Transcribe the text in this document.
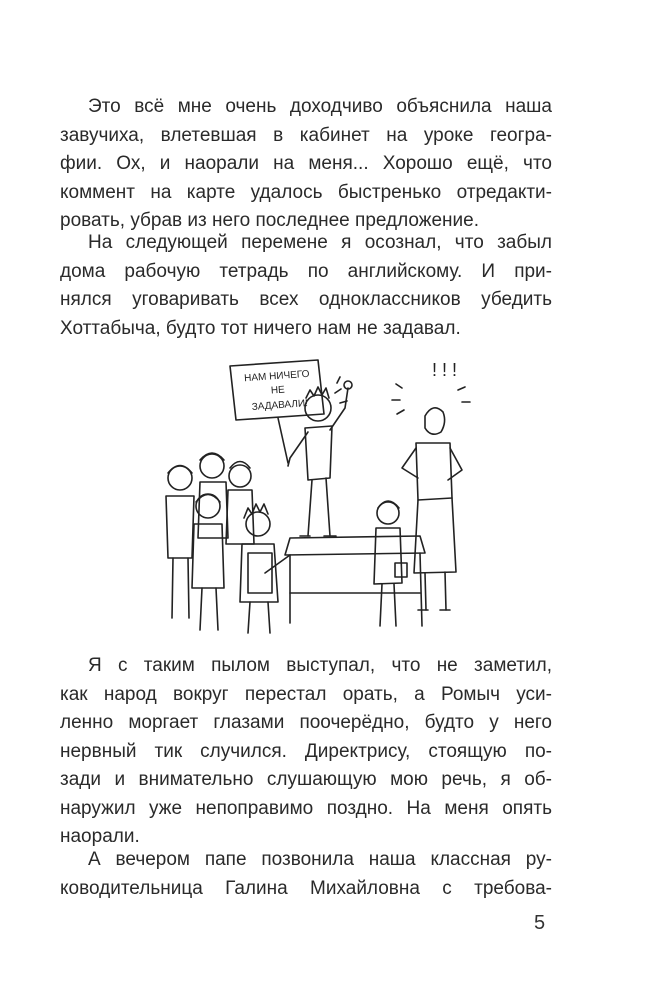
Это всё мне очень доходчиво объяснила наша
завучиха, влетевшая в кабинет на уроке геогра-
фии. Ох, и наорали на меня... Хорошо ещё, что
коммент на карте удалось быстренько отредакти-
ровать, убрав из него последнее предложение.

На следующей перемене я осознал, что забыл
дома рабочую тетрадь по английскому. И при-
нялся уговаривать всех одноклассников убедить
Хоттабыча, будто тот ничего нам не задавал.

НАМ НИЧЕГО
НЕ
ЗАДАВАЛИ!
! ! !

Я с таким пылом выступал, что не заметил,
как народ вокруг перестал орать, а Ромыч уси-
ленно моргает глазами поочерёдно, будто у него
нервный тик случился. Директрису, стоящую по-
зади и внимательно слушающую мою речь, я об-
наружил уже непоправимо поздно. На меня опять
наорали.

А вечером папе позвонила наша классная ру-
ководительница Галина Михайловна с требова-

5
